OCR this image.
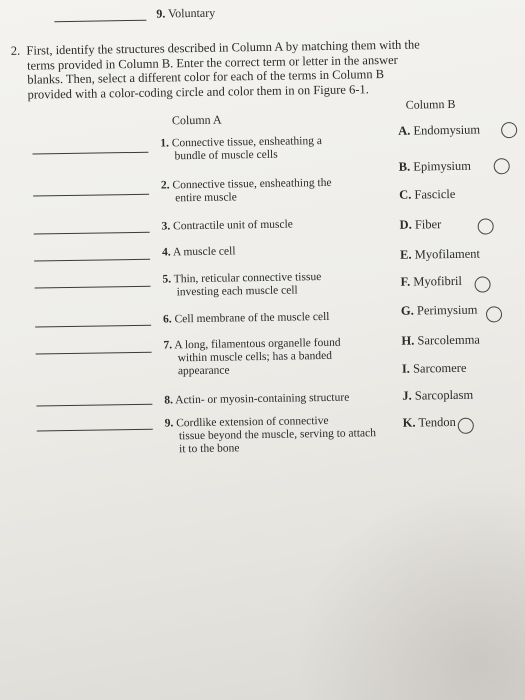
9. Voluntary
2. First, identify the structures described in Column A by matching them with the
terms provided in Column B. Enter the correct term or letter in the answer
blanks. Then, select a different color for each of the terms in Column B
provided with a color-coding circle and color them in on Figure 6-1.
Column A
Column B
1. Connective tissue, ensheathing a
bundle of muscle cells
2. Connective tissue, ensheathing the
entire muscle
3. Contractile unit of muscle
4. A muscle cell
5. Thin, reticular connective tissue
investing each muscle cell
6. Cell membrane of the muscle cell
7. A long, filamentous organelle found
within muscle cells; has a banded
appearance
8. Actin- or myosin-containing structure
9. Cordlike extension of connective
tissue beyond the muscle, serving to attach
it to the bone
A. Endomysium
B. Epimysium
C. Fascicle
D. Fiber
E. Myofilament
F. Myofibril
G. Perimysium
H. Sarcolemma
I. Sarcomere
J. Sarcoplasm
K. Tendon
